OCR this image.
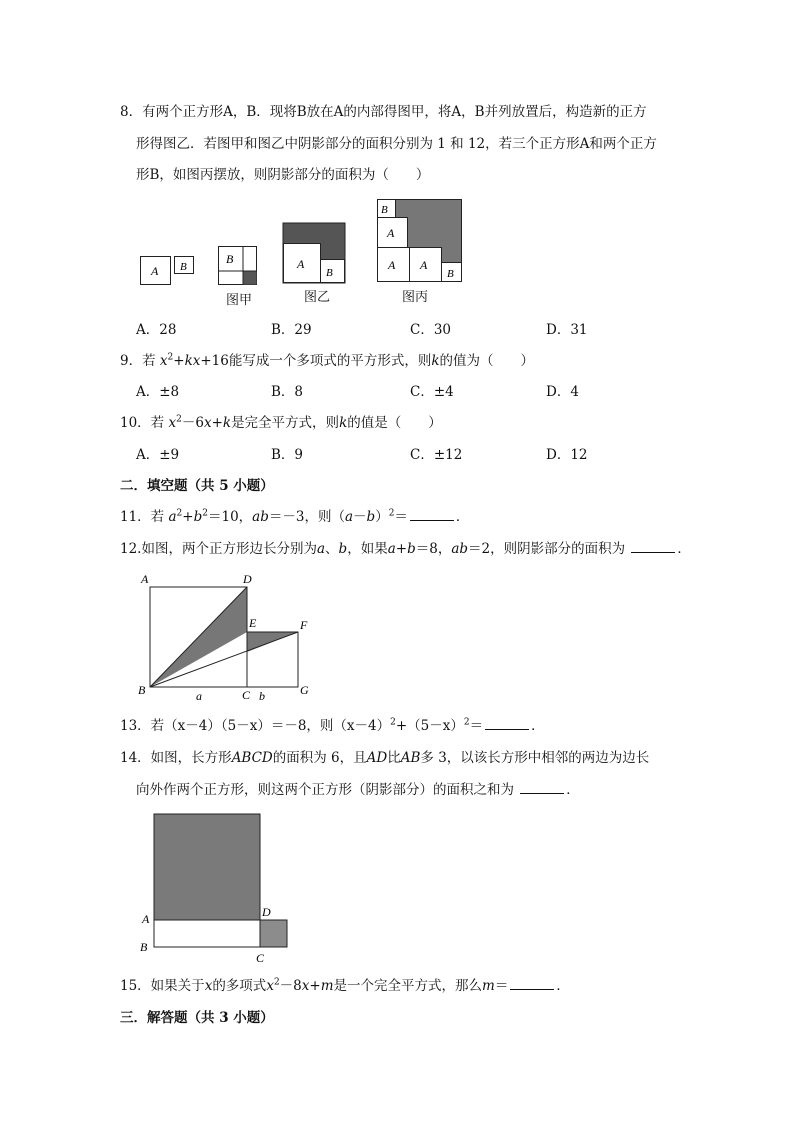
8．有两个正方形A，B．现将B放在A的内部得图甲，将A，B并列放置后，构造新的正方
形得图乙．若图甲和图乙中阴影部分的面积分别为 1 和 12，若三个正方形A和两个正方
形B，如图丙摆放，则阴影部分的面积为（　　）
A B
B
图甲
A
B
图乙
B
A
A A
B
图丙
A．28	B．29	C．30	D．31
9．若 $x^2+kx+16$能写成一个多项式的平方形式，则k的值为（　　）
A．±8	B．8	C．±4	D．4
10．若 $x^2-6x+k$是完全平方式，则k的值是（　　）
A．±9	B．9	C．±12	D．12
二．填空题（共 5 小题）
11．若 $a^2+b^2=10$，ab＝－3，则$(a-b)^2=$	．
12.如图，两个正方形边长分别为a、b，如果a+b＝8，ab＝2，则阴影部分的面积为	．
A	D
E	F
B	C	G
a	b
13．若（x－4）（5－x）＝－8，则$(x-4)^2+(5-x)^2=$	．
14．如图，长方形ABCD的面积为 6，且AD比AB多 3，以该长方形中相邻的两边为边长
向外作两个正方形，则这两个正方形（阴影部分）的面积之和为	．
A
B
C
D
15．如果关于x的多项式$x^2-8x+m$是一个完全平方式，那么m＝	．
三．解答题（共 3 小题）
